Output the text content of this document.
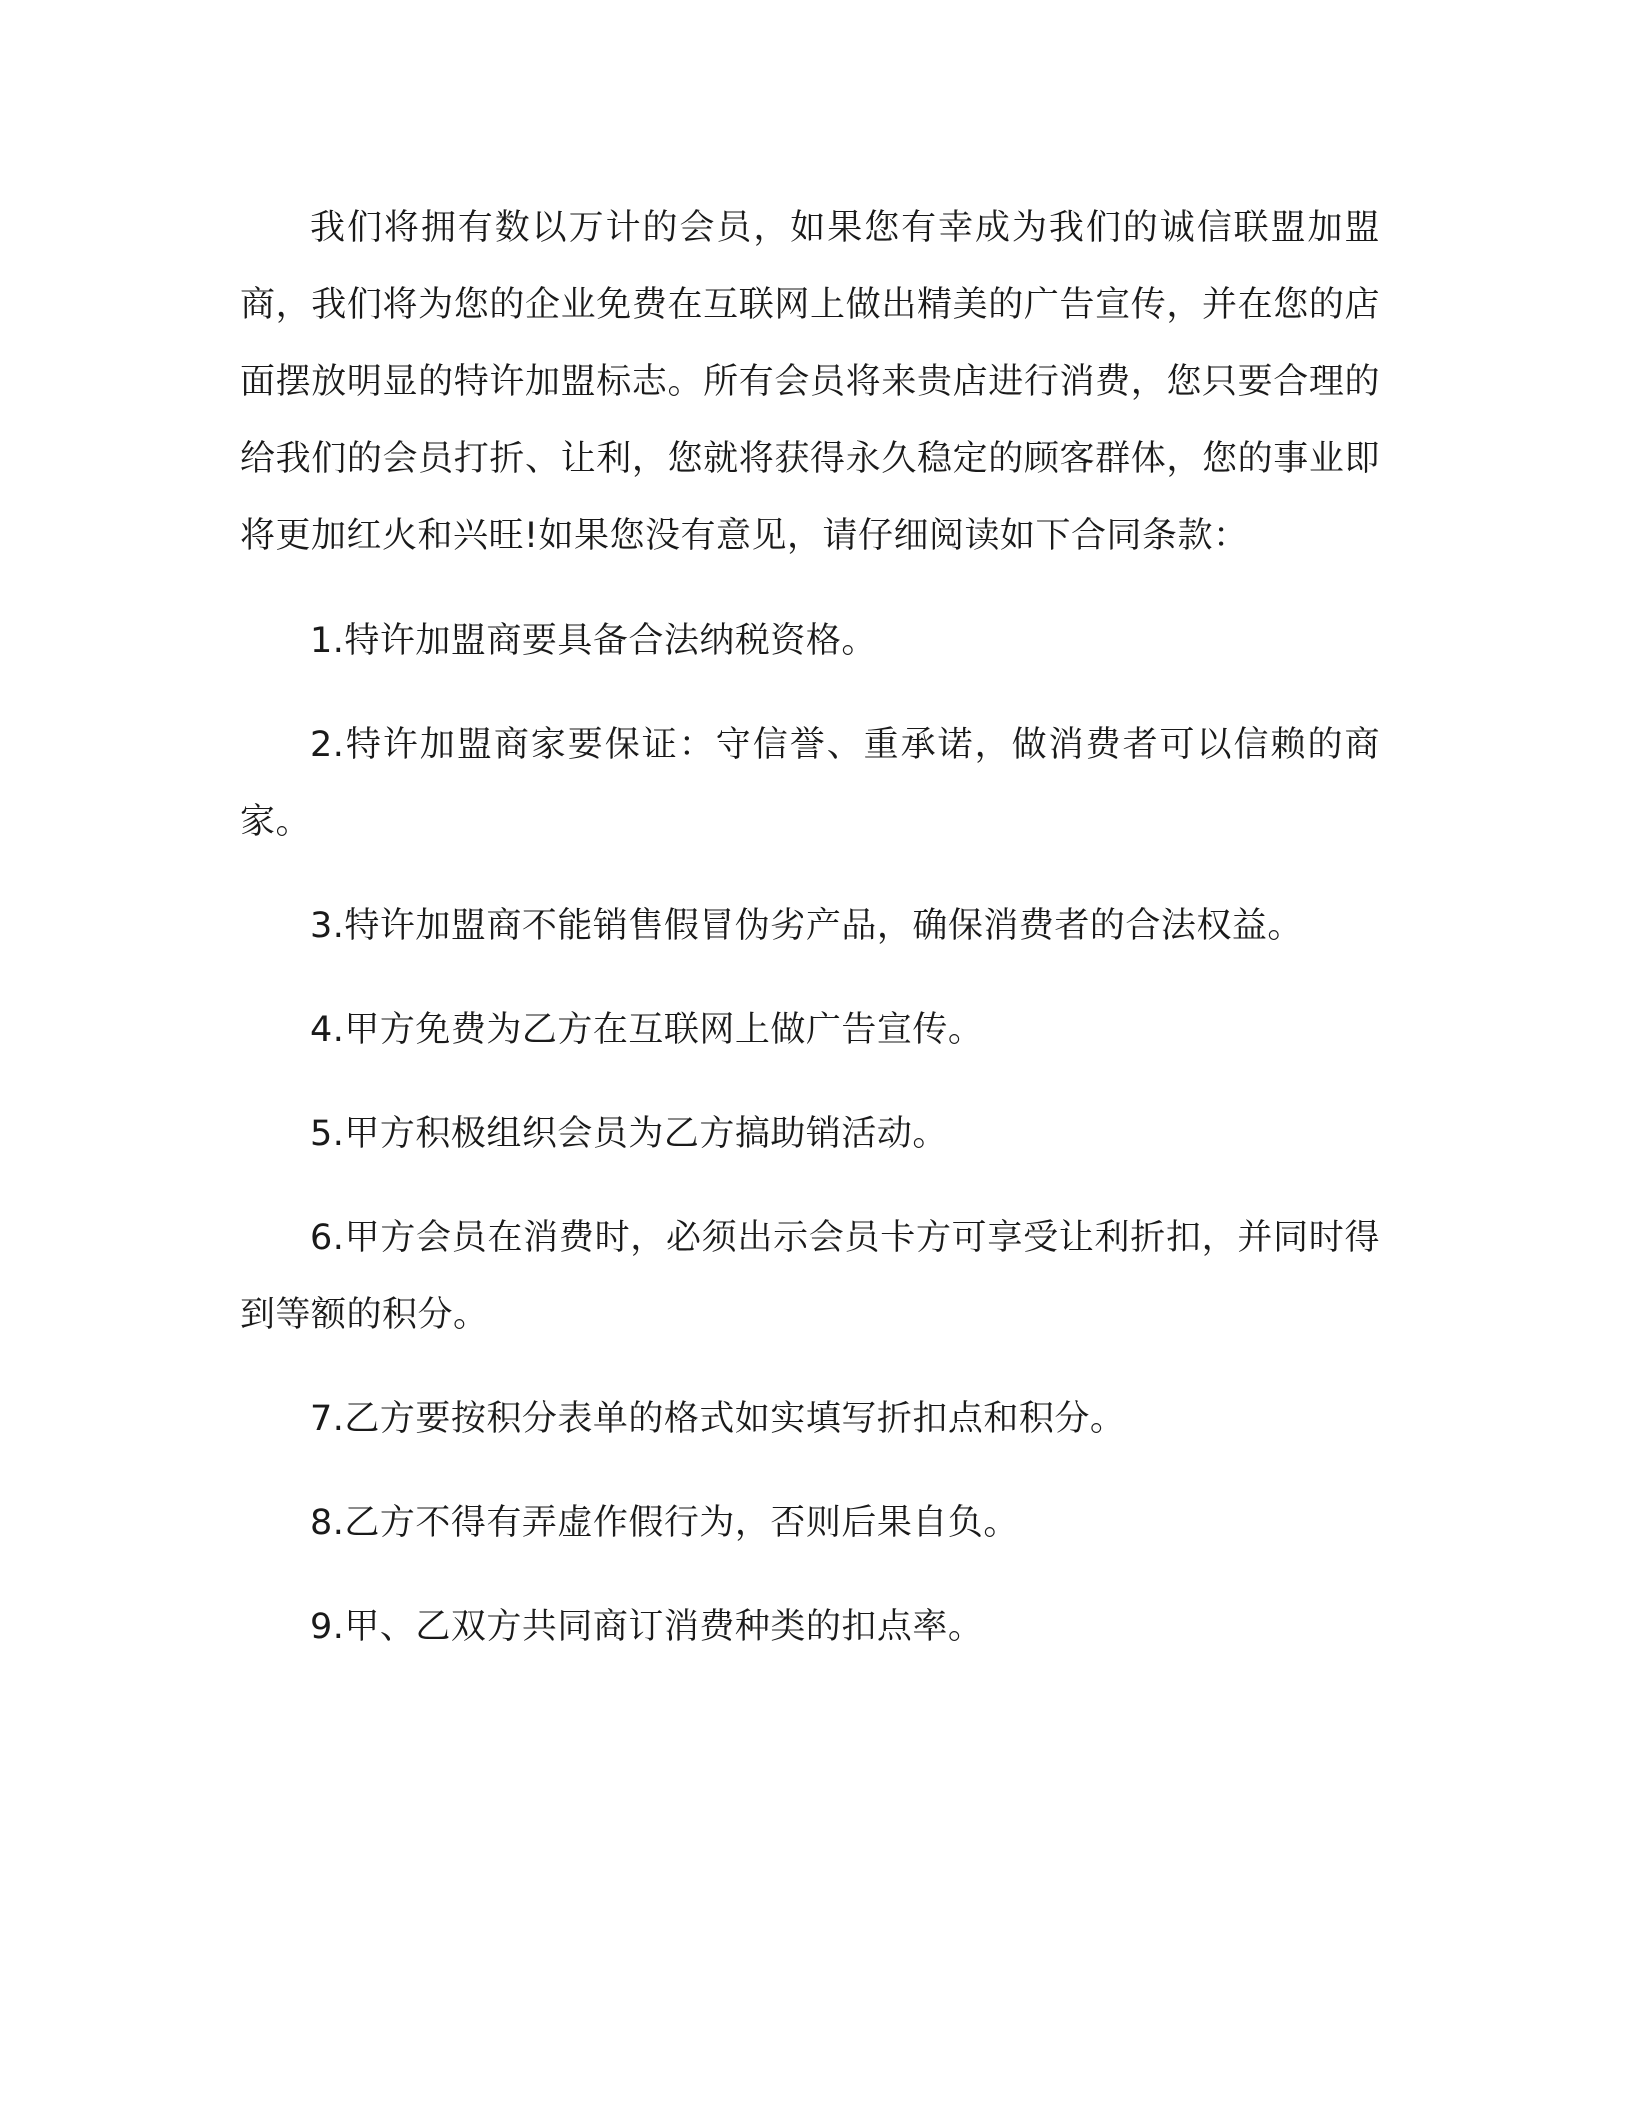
我们将拥有数以万计的会员，如果您有幸成为我们的诚信联盟加盟商，我们将为您的企业免费在互联网上做出精美的广告宣传，并在您的店面摆放明显的特许加盟标志。所有会员将来贵店进行消费，您只要合理的给我们的会员打折、让利，您就将获得永久稳定的顾客群体，您的事业即将更加红火和兴旺!如果您没有意见，请仔细阅读如下合同条款：

1.特许加盟商要具备合法纳税资格。

2.特许加盟商家要保证：守信誉、重承诺，做消费者可以信赖的商家。

3.特许加盟商不能销售假冒伪劣产品，确保消费者的合法权益。

4.甲方免费为乙方在互联网上做广告宣传。

5.甲方积极组织会员为乙方搞助销活动。

6.甲方会员在消费时，必须出示会员卡方可享受让利折扣，并同时得到等额的积分。

7.乙方要按积分表单的格式如实填写折扣点和积分。

8.乙方不得有弄虚作假行为，否则后果自负。

9.甲、乙双方共同商订消费种类的扣点率。
